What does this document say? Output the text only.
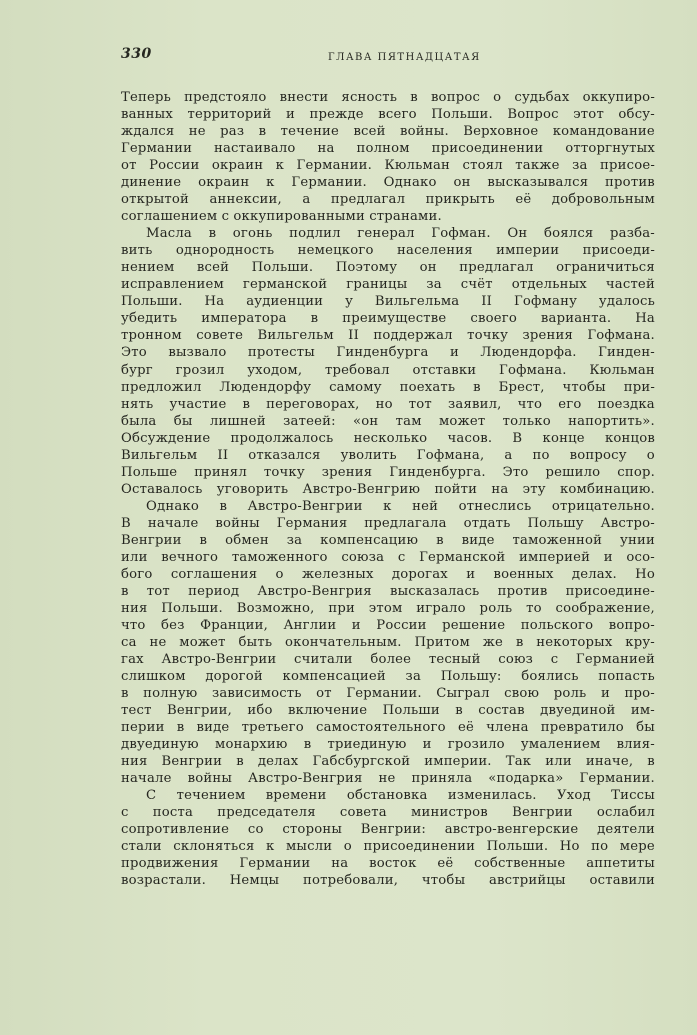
330	ГЛАВА ПЯТНАДЦАТАЯ
Теперь предстояло внести ясность в вопрос о судьбах оккупиро-
ванных территорий и прежде всего Польши. Вопрос этот обсу-
ждался не раз в течение всей войны. Верховное командование
Германии настаивало на полном присоединении отторгнутых
от России окраин к Германии. Кюльман стоял также за присое-
динение окраин к Германии. Однако он высказывался против
открытой аннексии, а предлагал прикрыть её добровольным
соглашением с оккупированными странами.
Масла в огонь подлил генерал Гофман. Он боялся разба-
вить однородность немецкого населения империи присоеди-
нением всей Польши. Поэтому он предлагал ограничиться
исправлением германской границы за счёт отдельных частей
Польши. На аудиенции у Вильгельма II Гофману удалось
убедить императора в преимуществе своего варианта. На
тронном совете Вильгельм II поддержал точку зрения Гофмана.
Это вызвало протесты Гинденбурга и Людендорфа. Гинден-
бург грозил уходом, требовал отставки Гофмана. Кюльман
предложил Людендорфу самому поехать в Брест, чтобы при-
нять участие в переговорах, но тот заявил, что его поездка
была бы лишней затеей: «он там может только напортить».
Обсуждение продолжалось несколько часов. В конце концов
Вильгельм II отказался уволить Гофмана, а по вопросу о
Польше принял точку зрения Гинденбурга. Это решило спор.
Оставалось уговорить Австро-Венгрию пойти на эту комбинацию.
Однако в Австро-Венгрии к ней отнеслись отрицательно.
В начале войны Германия предлагала отдать Польшу Австро-
Венгрии в обмен за компенсацию в виде таможенной унии
или вечного таможенного союза с Германской империей и осо-
бого соглашения о железных дорогах и военных делах. Но
в тот период Австро-Венгрия высказалась против присоедине-
ния Польши. Возможно, при этом играло роль то соображение,
что без Франции, Англии и России решение польского вопро-
са не может быть окончательным. Притом же в некоторых кру-
гах Австро-Венгрии считали более тесный союз с Германией
слишком дорогой компенсацией за Польшу: боялись попасть
в полную зависимость от Германии. Сыграл свою роль и про-
тест Венгрии, ибо включение Польши в состав двуединой им-
перии в виде третьего самостоятельного её члена превратило бы
двуединую монархию в триединую и грозило умалением влия-
ния Венгрии в делах Габсбургской империи. Так или иначе, в
начале войны Австро-Венгрия не приняла «подарка» Германии.
С течением времени обстановка изменилась. Уход Тиссы
с поста председателя совета министров Венгрии ослабил
сопротивление со стороны Венгрии: австро-венгерские деятели
стали склоняться к мысли о присоединении Польши. Но по мере
продвижения Германии на восток её собственные аппетиты
возрастали. Немцы потребовали, чтобы австрийцы оставили
